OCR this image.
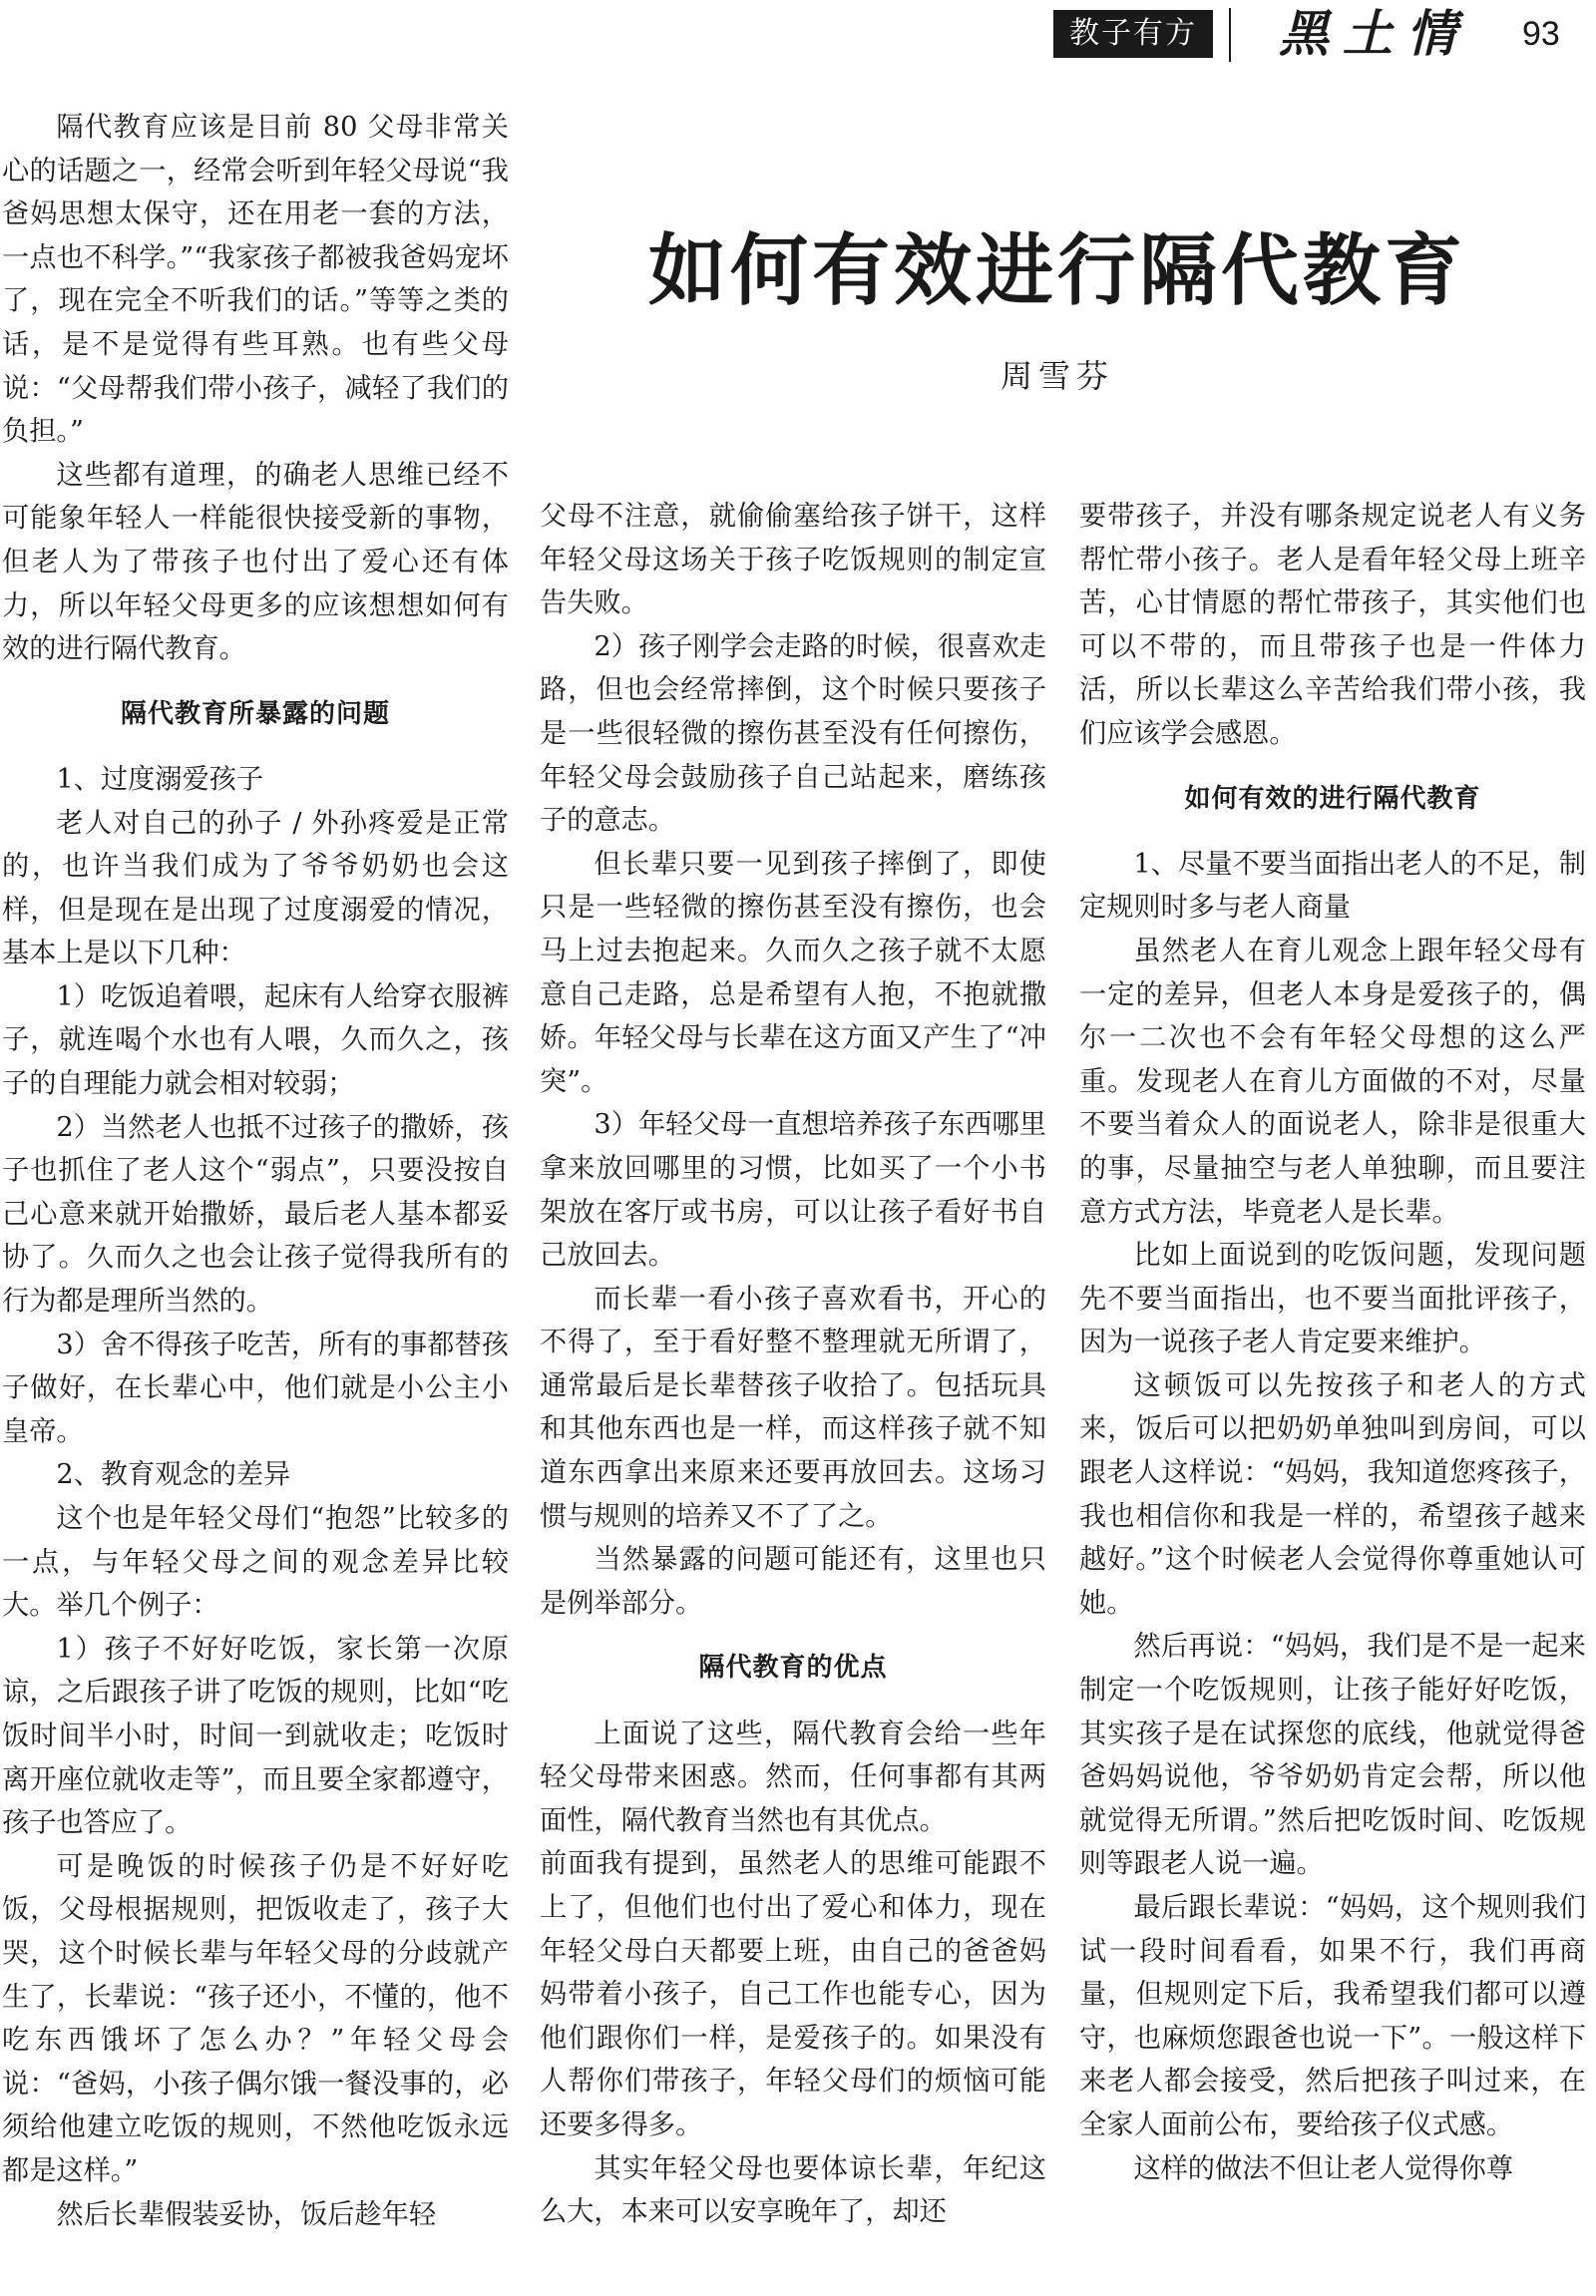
教子有方	黑土情 93
如何有效进行隔代教育
周雪芬

隔代教育应该是目前 80 父母非常关心的话题之一，经常会听到年轻父母说“我爸妈思想太保守，还在用老一套的方法，一点也不科学。”“我家孩子都被我爸妈宠坏了，现在完全不听我们的话。”等等之类的话，是不是觉得有些耳熟。也有些父母说：“父母帮我们带小孩子，减轻了我们的负担。”

这些都有道理，的确老人思维已经不可能象年轻人一样能很快接受新的事物，但老人为了带孩子也付出了爱心还有体力，所以年轻父母更多的应该想想如何有效的进行隔代教育。

隔代教育所暴露的问题

1、过度溺爱孩子

老人对自己的孙子 / 外孙疼爱是正常的，也许当我们成为了爷爷奶奶也会这样，但是现在是出现了过度溺爱的情况，基本上是以下几种：

1）吃饭追着喂，起床有人给穿衣服裤子，就连喝个水也有人喂，久而久之，孩子的自理能力就会相对较弱；

2）当然老人也抵不过孩子的撒娇，孩子也抓住了老人这个“弱点”，只要没按自己心意来就开始撒娇，最后老人基本都妥协了。久而久之也会让孩子觉得我所有的行为都是理所当然的。

3）舍不得孩子吃苦，所有的事都替孩子做好，在长辈心中，他们就是小公主小皇帝。

2、教育观念的差异

这个也是年轻父母们“抱怨”比较多的一点，与年轻父母之间的观念差异比较大。举几个例子：

1）孩子不好好吃饭，家长第一次原谅，之后跟孩子讲了吃饭的规则，比如“吃饭时间半小时，时间一到就收走；吃饭时离开座位就收走等”，而且要全家都遵守，孩子也答应了。

可是晚饭的时候孩子仍是不好好吃饭，父母根据规则，把饭收走了，孩子大哭，这个时候长辈与年轻父母的分歧就产生了，长辈说：“孩子还小，不懂的，他不吃东西饿坏了怎么办？”年轻父母会说：“爸妈，小孩子偶尔饿一餐没事的，必须给他建立吃饭的规则，不然他吃饭永远都是这样。”

然后长辈假装妥协，饭后趁年轻

父母不注意，就偷偷塞给孩子饼干，这样年轻父母这场关于孩子吃饭规则的制定宣告失败。

2）孩子刚学会走路的时候，很喜欢走路，但也会经常摔倒，这个时候只要孩子是一些很轻微的擦伤甚至没有任何擦伤，年轻父母会鼓励孩子自己站起来，磨练孩子的意志。

但长辈只要一见到孩子摔倒了，即使只是一些轻微的擦伤甚至没有擦伤，也会马上过去抱起来。久而久之孩子就不太愿意自己走路，总是希望有人抱，不抱就撒娇。年轻父母与长辈在这方面又产生了“冲突”。

3）年轻父母一直想培养孩子东西哪里拿来放回哪里的习惯，比如买了一个小书架放在客厅或书房，可以让孩子看好书自己放回去。

而长辈一看小孩子喜欢看书，开心的不得了，至于看好整不整理就无所谓了，通常最后是长辈替孩子收拾了。包括玩具和其他东西也是一样，而这样孩子就不知道东西拿出来原来还要再放回去。这场习惯与规则的培养又不了了之。

当然暴露的问题可能还有，这里也只是例举部分。

隔代教育的优点

上面说了这些，隔代教育会给一些年轻父母带来困惑。然而，任何事都有其两面性，隔代教育当然也有其优点。

前面我有提到，虽然老人的思维可能跟不上了，但他们也付出了爱心和体力，现在年轻父母白天都要上班，由自己的爸爸妈妈带着小孩子，自己工作也能专心，因为他们跟你们一样，是爱孩子的。如果没有人帮你们带孩子，年轻父母们的烦恼可能还要多得多。

其实年轻父母也要体谅长辈，年纪这么大，本来可以安享晚年了，却还

要带孩子，并没有哪条规定说老人有义务帮忙带小孩子。老人是看年轻父母上班辛苦，心甘情愿的帮忙带孩子，其实他们也可以不带的，而且带孩子也是一件体力活，所以长辈这么辛苦给我们带小孩，我们应该学会感恩。

如何有效的进行隔代教育

1、尽量不要当面指出老人的不足，制定规则时多与老人商量

虽然老人在育儿观念上跟年轻父母有一定的差异，但老人本身是爱孩子的，偶尔一二次也不会有年轻父母想的这么严重。发现老人在育儿方面做的不对，尽量不要当着众人的面说老人，除非是很重大的事，尽量抽空与老人单独聊，而且要注意方式方法，毕竟老人是长辈。

比如上面说到的吃饭问题，发现问题先不要当面指出，也不要当面批评孩子，因为一说孩子老人肯定要来维护。

这顿饭可以先按孩子和老人的方式来，饭后可以把奶奶单独叫到房间，可以跟老人这样说：“妈妈，我知道您疼孩子，我也相信你和我是一样的，希望孩子越来越好。”这个时候老人会觉得你尊重她认可她。

然后再说：“妈妈，我们是不是一起来制定一个吃饭规则，让孩子能好好吃饭，其实孩子是在试探您的底线，他就觉得爸爸妈妈说他，爷爷奶奶肯定会帮，所以他就觉得无所谓。”然后把吃饭时间、吃饭规则等跟老人说一遍。

最后跟长辈说：“妈妈，这个规则我们试一段时间看看，如果不行，我们再商量，但规则定下后，我希望我们都可以遵守，也麻烦您跟爸也说一下”。一般这样下来老人都会接受，然后把孩子叫过来，在全家人面前公布，要给孩子仪式感。

这样的做法不但让老人觉得你尊
